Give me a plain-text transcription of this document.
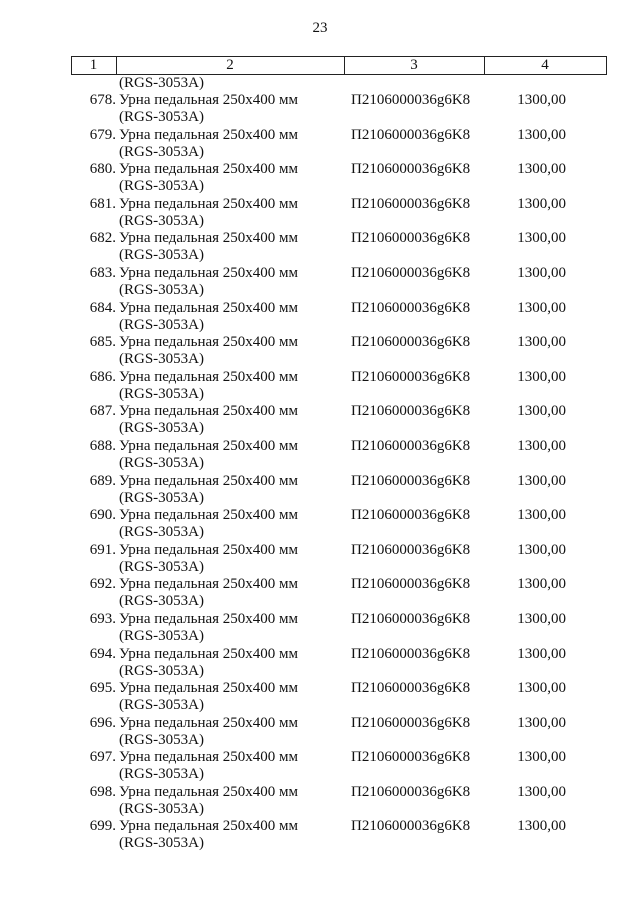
23
1	2	3	4
(RGS-3053A)
678. Урна педальная 250x400 мм
(RGS-3053A)
П2106000036g6K8	1300,00
679. Урна педальная 250x400 мм
(RGS-3053A)
П2106000036g6K8	1300,00
680. Урна педальная 250x400 мм
(RGS-3053A)
П2106000036g6K8	1300,00
681. Урна педальная 250x400 мм
(RGS-3053A)
П2106000036g6K8	1300,00
682. Урна педальная 250x400 мм
(RGS-3053A)
П2106000036g6K8	1300,00
683. Урна педальная 250x400 мм
(RGS-3053A)
П2106000036g6K8	1300,00
684. Урна педальная 250x400 мм
(RGS-3053A)
П2106000036g6K8	1300,00
685. Урна педальная 250x400 мм
(RGS-3053A)
П2106000036g6K8	1300,00
686. Урна педальная 250x400 мм
(RGS-3053A)
П2106000036g6K8	1300,00
687. Урна педальная 250x400 мм
(RGS-3053A)
П2106000036g6K8	1300,00
688. Урна педальная 250x400 мм
(RGS-3053A)
П2106000036g6K8	1300,00
689. Урна педальная 250x400 мм
(RGS-3053A)
П2106000036g6K8	1300,00
690. Урна педальная 250x400 мм
(RGS-3053A)
П2106000036g6K8	1300,00
691. Урна педальная 250x400 мм
(RGS-3053A)
П2106000036g6K8	1300,00
692. Урна педальная 250x400 мм
(RGS-3053A)
П2106000036g6K8	1300,00
693. Урна педальная 250x400 мм
(RGS-3053A)
П2106000036g6K8	1300,00
694. Урна педальная 250x400 мм
(RGS-3053A)
П2106000036g6K8	1300,00
695. Урна педальная 250x400 мм
(RGS-3053A)
П2106000036g6K8	1300,00
696. Урна педальная 250x400 мм
(RGS-3053A)
П2106000036g6K8	1300,00
697. Урна педальная 250x400 мм
(RGS-3053A)
П2106000036g6K8	1300,00
698. Урна педальная 250x400 мм
(RGS-3053A)
П2106000036g6K8	1300,00
699. Урна педальная 250x400 мм
(RGS-3053A)
П2106000036g6K8	1300,00
